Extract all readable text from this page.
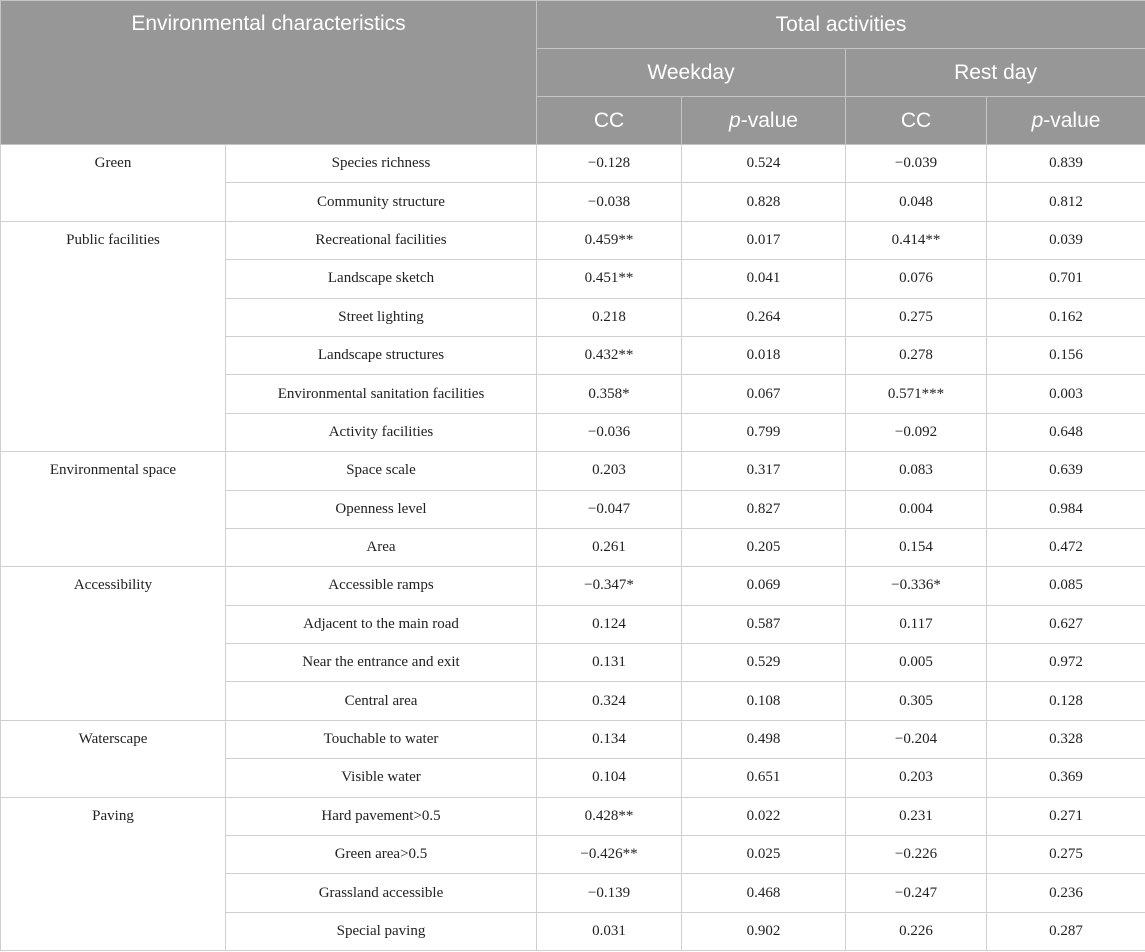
Environmental characteristics		Total activities			
		Weekday		Rest day	
		CC	p-value	CC	p-value
Green	Species richness	−0.128	0.524	−0.039	0.839
	Community structure	−0.038	0.828	0.048	0.812
Public facilities	Recreational facilities	0.459**	0.017	0.414**	0.039
	Landscape sketch	0.451**	0.041	0.076	0.701
	Street lighting	0.218	0.264	0.275	0.162
	Landscape structures	0.432**	0.018	0.278	0.156
	Environmental sanitation facilities	0.358*	0.067	0.571***	0.003
	Activity facilities	−0.036	0.799	−0.092	0.648
Environmental space	Space scale	0.203	0.317	0.083	0.639
	Openness level	−0.047	0.827	0.004	0.984
	Area	0.261	0.205	0.154	0.472
Accessibility	Accessible ramps	−0.347*	0.069	−0.336*	0.085
	Adjacent to the main road	0.124	0.587	0.117	0.627
	Near the entrance and exit	0.131	0.529	0.005	0.972
	Central area	0.324	0.108	0.305	0.128
Waterscape	Touchable to water	0.134	0.498	−0.204	0.328
	Visible water	0.104	0.651	0.203	0.369
Paving	Hard pavement>0.5	0.428**	0.022	0.231	0.271
	Green area>0.5	−0.426**	0.025	−0.226	0.275
	Grassland accessible	−0.139	0.468	−0.247	0.236
	Special paving	0.031	0.902	0.226	0.287
